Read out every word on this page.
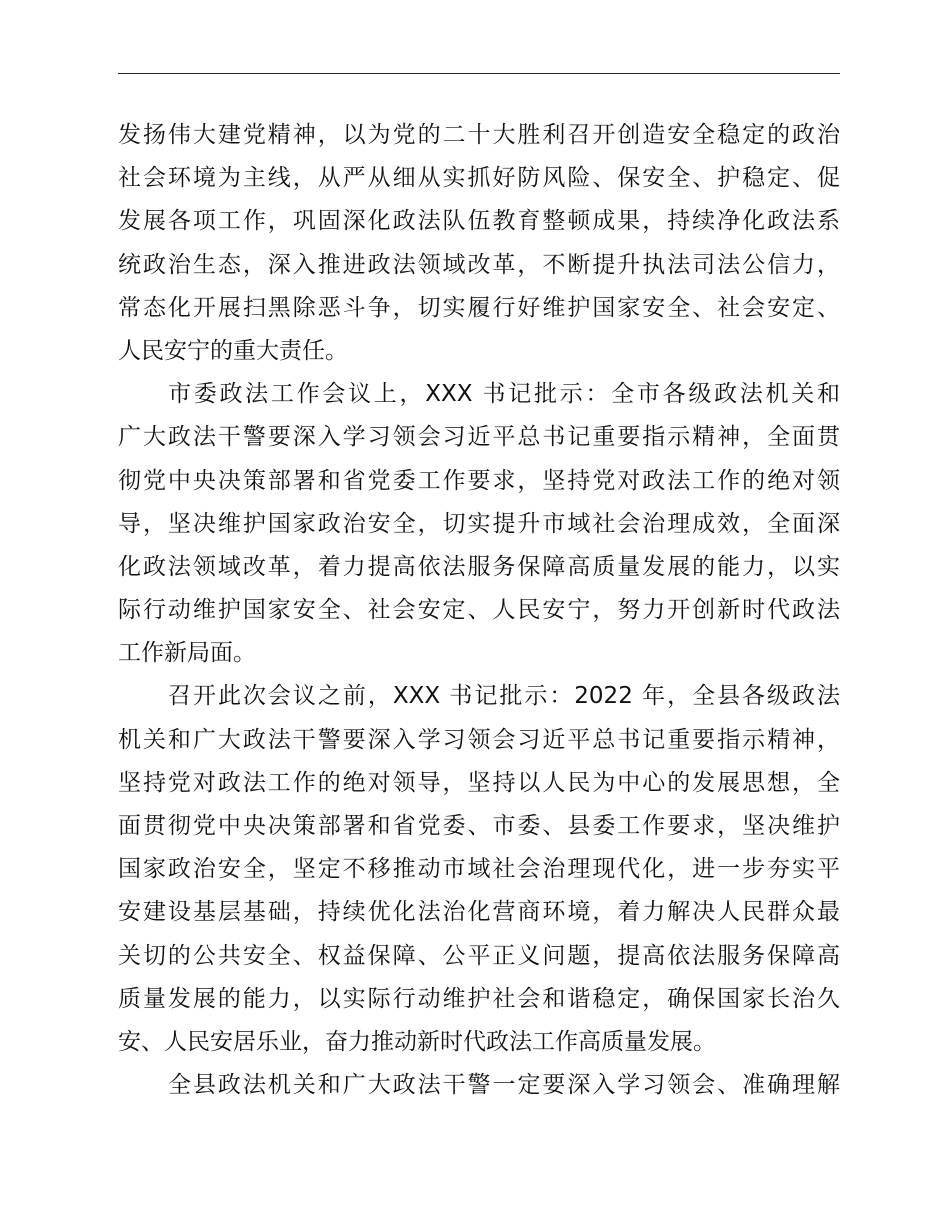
发扬伟大建党精神，以为党的二十大胜利召开创造安全稳定的政治
社会环境为主线，从严从细从实抓好防风险、保安全、护稳定、促
发展各项工作，巩固深化政法队伍教育整顿成果，持续净化政法系
统政治生态，深入推进政法领域改革，不断提升执法司法公信力，
常态化开展扫黑除恶斗争，切实履行好维护国家安全、社会安定、
人民安宁的重大责任。
市委政法工作会议上，XXX 书记批示：全市各级政法机关和
广大政法干警要深入学习领会习近平总书记重要指示精神，全面贯
彻党中央决策部署和省党委工作要求，坚持党对政法工作的绝对领
导，坚决维护国家政治安全，切实提升市域社会治理成效，全面深
化政法领域改革，着力提高依法服务保障高质量发展的能力，以实
际行动维护国家安全、社会安定、人民安宁，努力开创新时代政法
工作新局面。
召开此次会议之前，XXX 书记批示：2022 年，全县各级政法
机关和广大政法干警要深入学习领会习近平总书记重要指示精神，
坚持党对政法工作的绝对领导，坚持以人民为中心的发展思想，全
面贯彻党中央决策部署和省党委、市委、县委工作要求，坚决维护
国家政治安全，坚定不移推动市域社会治理现代化，进一步夯实平
安建设基层基础，持续优化法治化营商环境，着力解决人民群众最
关切的公共安全、权益保障、公平正义问题，提高依法服务保障高
质量发展的能力，以实际行动维护社会和谐稳定，确保国家长治久
安、人民安居乐业，奋力推动新时代政法工作高质量发展。
全县政法机关和广大政法干警一定要深入学习领会、准确理解
